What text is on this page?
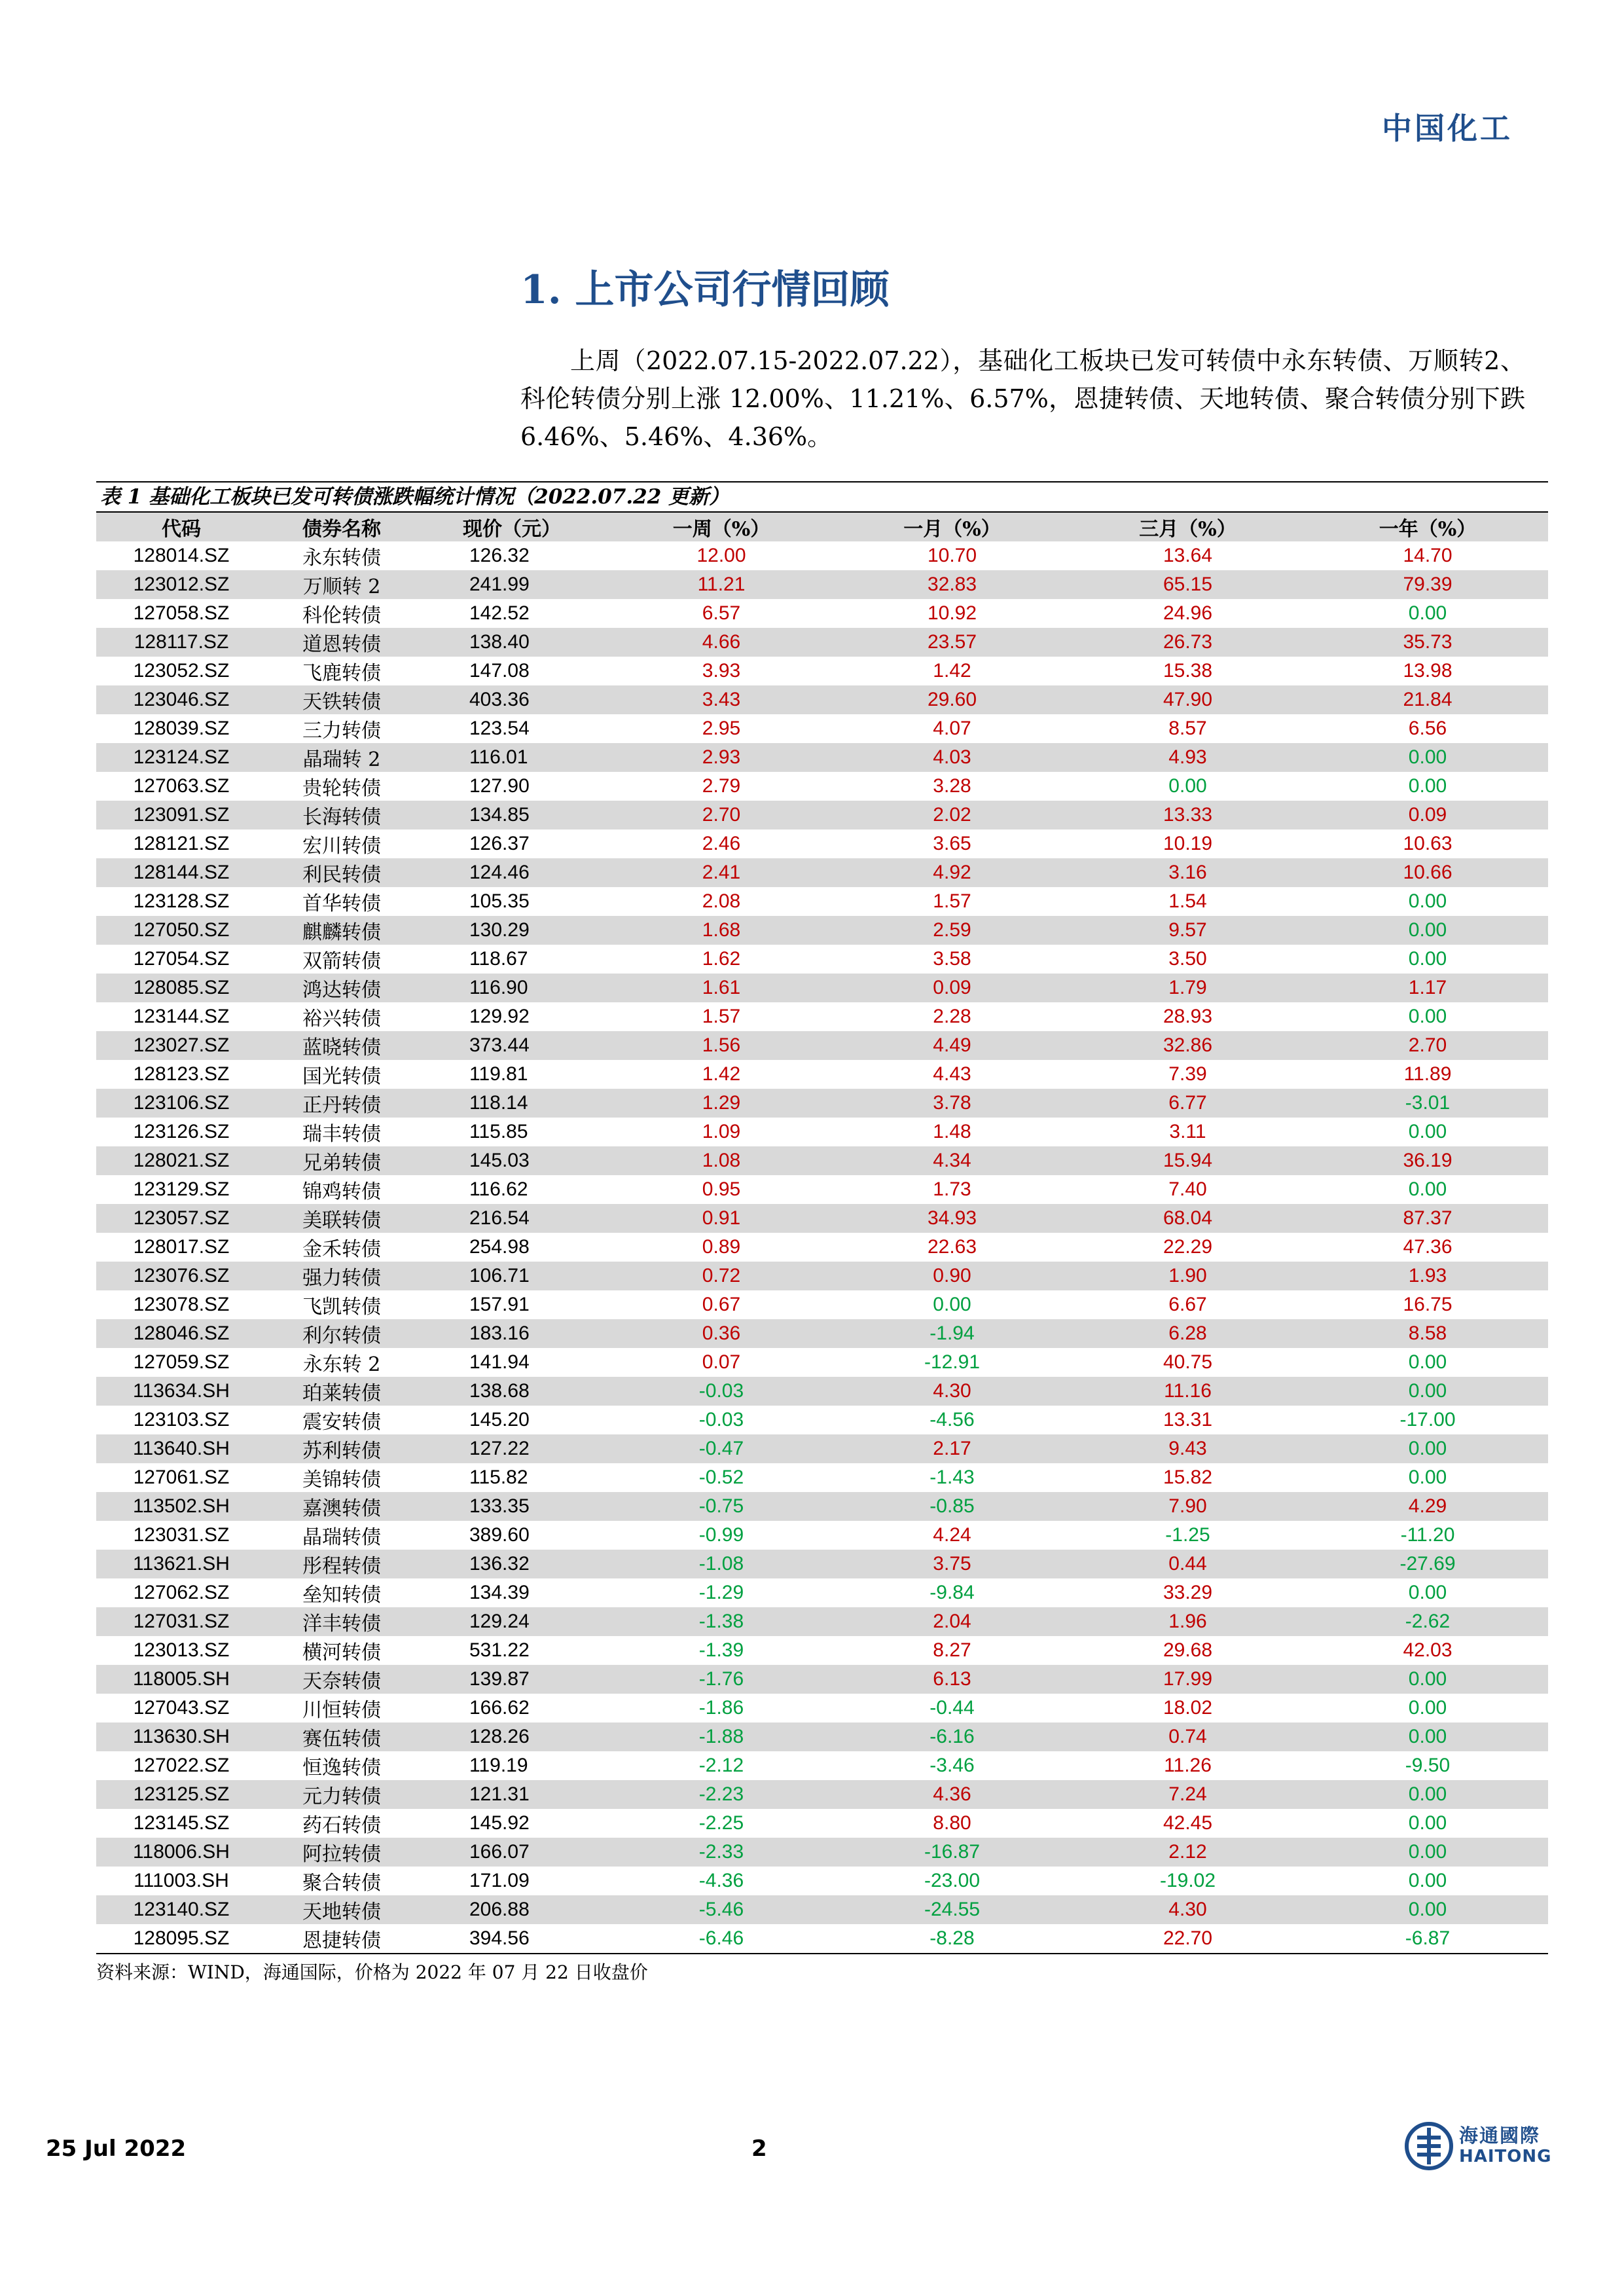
中国化工
1. 上市公司行情回顾

上周（2022.07.15-2022.07.22），基础化工板块已发可转债中永东转债、万顺转2、科伦转债分别上涨 12.00%、11.21%、6.57%，恩捷转债、天地转债、聚合转债分别下跌 6.46%、5.46%、4.36%。

表 1 基础化工板块已发可转债涨跌幅统计情况（2022.07.22 更新）
代码	债券名称	现价（元）	一周（%）	一月（%）	三月（%）	一年（%）
128014.SZ	永东转债	126.32	12.00	10.70	13.64	14.70
123012.SZ	万顺转 2	241.99	11.21	32.83	65.15	79.39
127058.SZ	科伦转债	142.52	6.57	10.92	24.96	0.00
128117.SZ	道恩转债	138.40	4.66	23.57	26.73	35.73
123052.SZ	飞鹿转债	147.08	3.93	1.42	15.38	13.98
123046.SZ	天铁转债	403.36	3.43	29.60	47.90	21.84
128039.SZ	三力转债	123.54	2.95	4.07	8.57	6.56
123124.SZ	晶瑞转 2	116.01	2.93	4.03	4.93	0.00
127063.SZ	贵轮转债	127.90	2.79	3.28	0.00	0.00
123091.SZ	长海转债	134.85	2.70	2.02	13.33	0.09
128121.SZ	宏川转债	126.37	2.46	3.65	10.19	10.63
128144.SZ	利民转债	124.46	2.41	4.92	3.16	10.66
123128.SZ	首华转债	105.35	2.08	1.57	1.54	0.00
127050.SZ	麒麟转债	130.29	1.68	2.59	9.57	0.00
127054.SZ	双箭转债	118.67	1.62	3.58	3.50	0.00
128085.SZ	鸿达转债	116.90	1.61	0.09	1.79	1.17
123144.SZ	裕兴转债	129.92	1.57	2.28	28.93	0.00
123027.SZ	蓝晓转债	373.44	1.56	4.49	32.86	2.70
128123.SZ	国光转债	119.81	1.42	4.43	7.39	11.89
123106.SZ	正丹转债	118.14	1.29	3.78	6.77	-3.01
123126.SZ	瑞丰转债	115.85	1.09	1.48	3.11	0.00
128021.SZ	兄弟转债	145.03	1.08	4.34	15.94	36.19
123129.SZ	锦鸡转债	116.62	0.95	1.73	7.40	0.00
123057.SZ	美联转债	216.54	0.91	34.93	68.04	87.37
128017.SZ	金禾转债	254.98	0.89	22.63	22.29	47.36
123076.SZ	强力转债	106.71	0.72	0.90	1.90	1.93
123078.SZ	飞凯转债	157.91	0.67	0.00	6.67	16.75
128046.SZ	利尔转债	183.16	0.36	-1.94	6.28	8.58
127059.SZ	永东转 2	141.94	0.07	-12.91	40.75	0.00
113634.SH	珀莱转债	138.68	-0.03	4.30	11.16	0.00
123103.SZ	震安转债	145.20	-0.03	-4.56	13.31	-17.00
113640.SH	苏利转债	127.22	-0.47	2.17	9.43	0.00
127061.SZ	美锦转债	115.82	-0.52	-1.43	15.82	0.00
113502.SH	嘉澳转债	133.35	-0.75	-0.85	7.90	4.29
123031.SZ	晶瑞转债	389.60	-0.99	4.24	-1.25	-11.20
113621.SH	彤程转债	136.32	-1.08	3.75	0.44	-27.69
127062.SZ	垒知转债	134.39	-1.29	-9.84	33.29	0.00
127031.SZ	洋丰转债	129.24	-1.38	2.04	1.96	-2.62
123013.SZ	横河转债	531.22	-1.39	8.27	29.68	42.03
118005.SH	天奈转债	139.87	-1.76	6.13	17.99	0.00
127043.SZ	川恒转债	166.62	-1.86	-0.44	18.02	0.00
113630.SH	赛伍转债	128.26	-1.88	-6.16	0.74	0.00
127022.SZ	恒逸转债	119.19	-2.12	-3.46	11.26	-9.50
123125.SZ	元力转债	121.31	-2.23	4.36	7.24	0.00
123145.SZ	药石转债	145.92	-2.25	8.80	42.45	0.00
118006.SH	阿拉转债	166.07	-2.33	-16.87	2.12	0.00
111003.SH	聚合转债	171.09	-4.36	-23.00	-19.02	0.00
123140.SZ	天地转债	206.88	-5.46	-24.55	4.30	0.00
128095.SZ	恩捷转债	394.56	-6.46	-8.28	22.70	-6.87
资料来源：WIND，海通国际，价格为 2022 年 07 月 22 日收盘价
25 Jul 2022	2	海通國際
HAITONG
